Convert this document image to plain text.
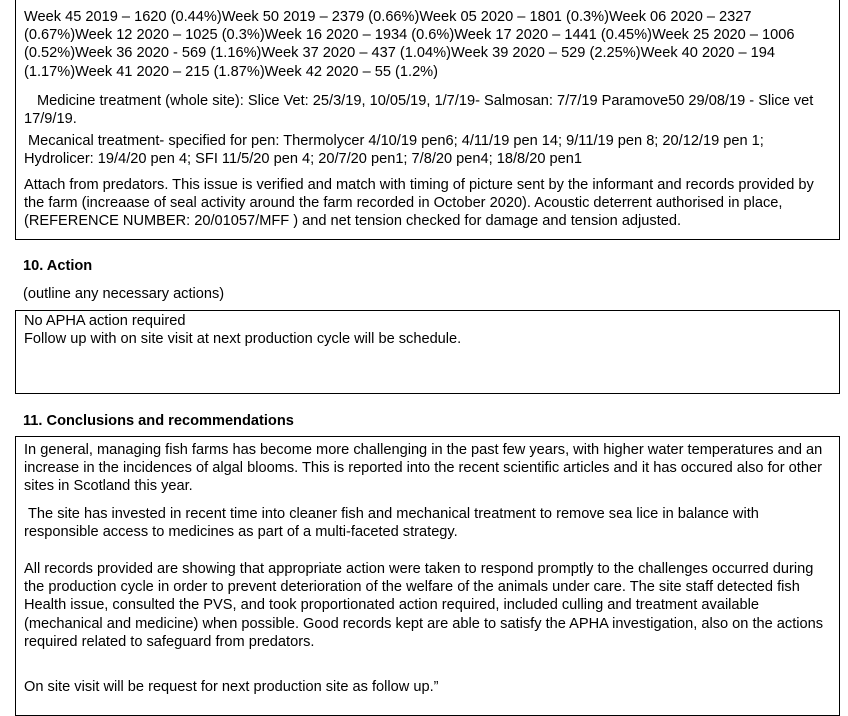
Week 45 2019 – 1620 (0.44%)Week 50 2019 – 2379 (0.66%)Week 05 2020 – 1801 (0.3%)Week 06 2020 – 2327 (0.67%)Week 12 2020 – 1025 (0.3%)Week 16 2020 – 1934 (0.6%)Week 17 2020 – 1441 (0.45%)Week 25 2020 – 1006 (0.52%)Week 36 2020 - 569 (1.16%)Week 37 2020 – 437 (1.04%)Week 39 2020 – 529 (2.25%)Week 40 2020 – 194 (1.17%)Week 41 2020 – 215 (1.87%)Week 42 2020 – 55 (1.2%)

Medicine treatment (whole site): Slice Vet: 25/3/19, 10/05/19, 1/7/19- Salmosan: 7/7/19 Paramove50 29/08/19 - Slice vet 17/9/19.

Mecanical treatment- specified for pen: Thermolycer 4/10/19 pen6; 4/11/19 pen 14; 9/11/19 pen 8; 20/12/19 pen 1; Hydrolicer: 19/4/20 pen 4; SFI 11/5/20 pen 4; 20/7/20 pen1; 7/8/20 pen4; 18/8/20 pen1

Attach from predators. This issue is verified and match with timing of picture sent by the informant and records provided by the farm (increaase of seal activity around the farm recorded in October 2020). Acoustic deterrent authorised in place, (REFERENCE NUMBER: 20/01057/MFF ) and net tension checked for damage and tension adjusted.

10. Action
(outline any necessary actions)

No APHA action required

Follow up with on site visit at next production cycle will be schedule.

11. Conclusions and recommendations

In general, managing fish farms has become more challenging in the past few years, with higher water temperatures and an increase in the incidences of algal blooms. This is reported into the recent scientific articles and it has occured also for other sites in Scotland this year.

The site has invested in recent time into cleaner fish and mechanical treatment to remove sea lice in balance with responsible access to medicines as part of a multi-faceted strategy.

All records provided are showing that appropriate action were taken to respond promptly to the challenges occurred during the production cycle in order to prevent deterioration of the welfare of the animals under care. The site staff detected fish Health issue, consulted the PVS, and took proportionated action required, included culling and treatment available (mechanical and medicine) when possible. Good records kept are able to satisfy the APHA investigation, also on the actions required related to safeguard from predators.

On site visit will be request for next production site as follow up.”
